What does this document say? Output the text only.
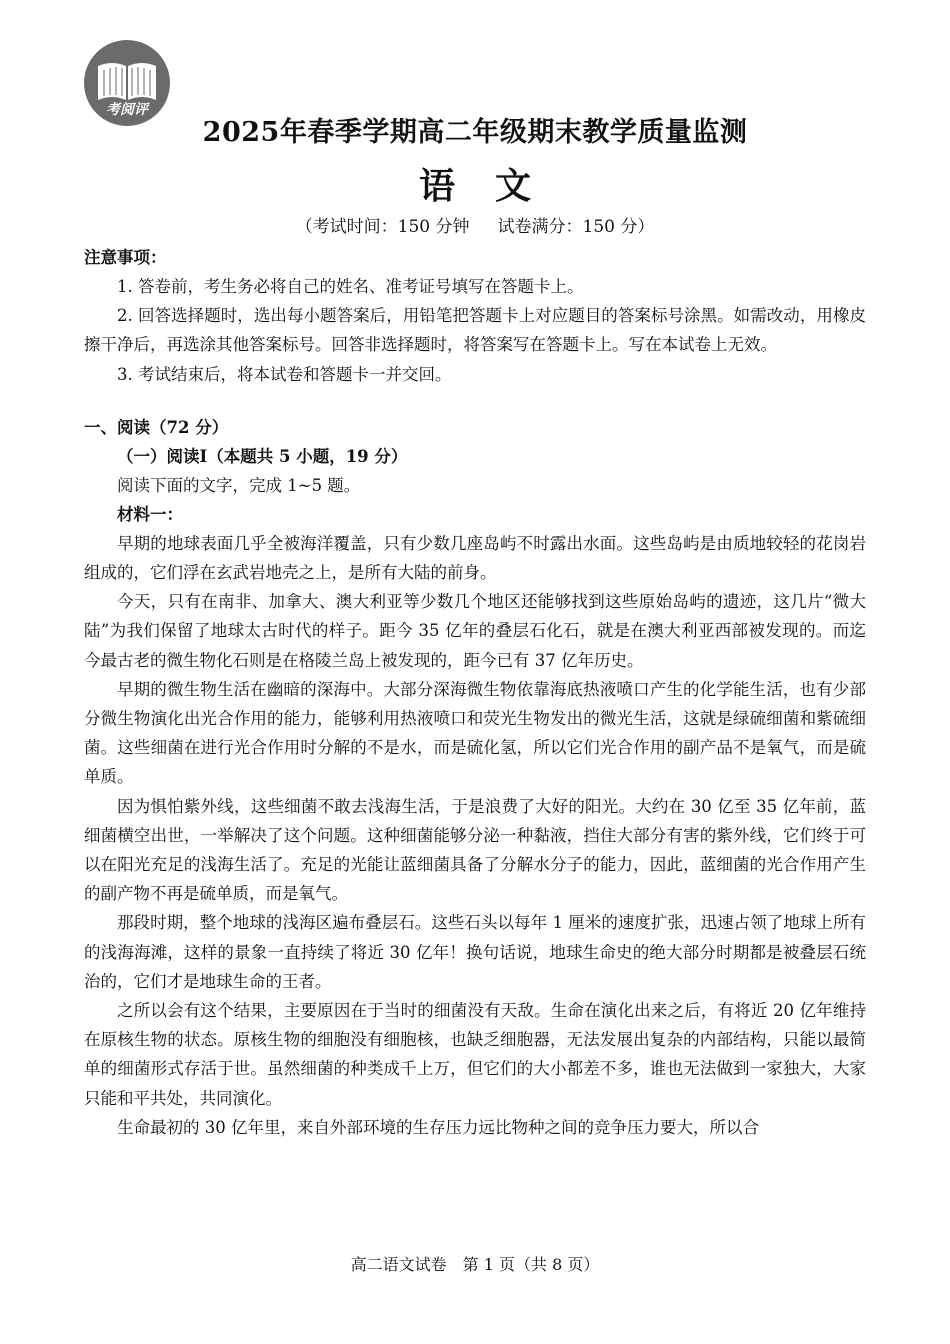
考阅评
2025年春季学期高二年级期末教学质量监测
语文
（考试时间：150 分钟 试卷满分：150 分）
注意事项：

1. 答卷前，考生务必将自己的姓名、准考证号填写在答题卡上。

2. 回答选择题时，选出每小题答案后，用铅笔把答题卡上对应题目的答案标号涂黑。如需改动，用橡皮擦干净后，再选涂其他答案标号。回答非选择题时，将答案写在答题卡上。写在本试卷上无效。

3. 考试结束后，将本试卷和答题卡一并交回。

一、阅读（72 分）

（一）阅读I（本题共 5 小题，19 分）

阅读下面的文字，完成 1~5 题。

材料一：

早期的地球表面几乎全被海洋覆盖，只有少数几座岛屿不时露出水面。这些岛屿是由质地较轻的花岗岩组成的，它们浮在玄武岩地壳之上，是所有大陆的前身。

今天，只有在南非、加拿大、澳大利亚等少数几个地区还能够找到这些原始岛屿的遗迹，这几片“微大陆”为我们保留了地球太古时代的样子。距今 35 亿年的叠层石化石，就是在澳大利亚西部被发现的。而迄今最古老的微生物化石则是在格陵兰岛上被发现的，距今已有 37 亿年历史。

早期的微生物生活在幽暗的深海中。大部分深海微生物依靠海底热液喷口产生的化学能生活，也有少部分微生物演化出光合作用的能力，能够利用热液喷口和荧光生物发出的微光生活，这就是绿硫细菌和紫硫细菌。这些细菌在进行光合作用时分解的不是水，而是硫化氢，所以它们光合作用的副产品不是氧气，而是硫单质。

因为惧怕紫外线，这些细菌不敢去浅海生活，于是浪费了大好的阳光。大约在 30 亿至 35 亿年前，蓝细菌横空出世，一举解决了这个问题。这种细菌能够分泌一种黏液，挡住大部分有害的紫外线，它们终于可以在阳光充足的浅海生活了。充足的光能让蓝细菌具备了分解水分子的能力，因此，蓝细菌的光合作用产生的副产物不再是硫单质，而是氧气。

那段时期，整个地球的浅海区遍布叠层石。这些石头以每年 1 厘米的速度扩张，迅速占领了地球上所有的浅海海滩，这样的景象一直持续了将近 30 亿年！换句话说，地球生命史的绝大部分时期都是被叠层石统治的，它们才是地球生命的王者。

之所以会有这个结果，主要原因在于当时的细菌没有天敌。生命在演化出来之后，有将近 20 亿年维持在原核生物的状态。原核生物的细胞没有细胞核，也缺乏细胞器，无法发展出复杂的内部结构，只能以最简单的细菌形式存活于世。虽然细菌的种类成千上万，但它们的大小都差不多，谁也无法做到一家独大，大家只能和平共处，共同演化。

生命最初的 30 亿年里，来自外部环境的生存压力远比物种之间的竞争压力要大，所以合

高二语文试卷　第 1 页（共 8 页）
